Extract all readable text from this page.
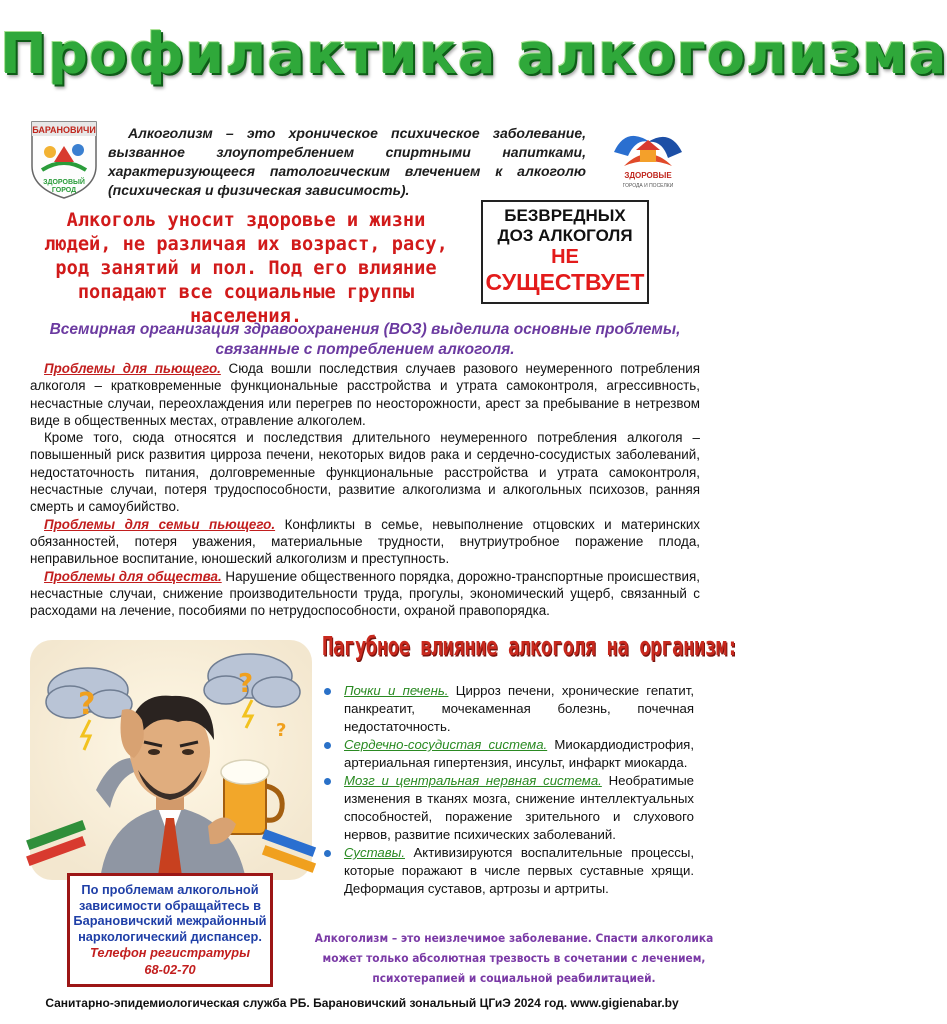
Профилактика алкоголизма
БАРАНОВИЧИ
ЗДОРОВЫЙ
ГОРОД
ЗДОРОВЫЕ
ГОРОДА И ПОСЕЛКИ
Алкоголизм – это хроническое психическое заболевание, вызванное злоупотреблением спиртными напитками, характеризующееся патологическим влечением к алкоголю (психическая и физическая зависимость).
Алкоголь уносит здоровье и жизни людей, не различая их возраст, расу, род занятий и пол. Под его влияние попадают все социальные группы населения.
БЕЗВРЕДНЫХ
ДОЗ АЛКОГОЛЯ
НЕ
СУЩЕСТВУЕТ
Всемирная организация здравоохранения (ВОЗ) выделила основные проблемы, связанные с потреблением алкоголя.

Проблемы для пьющего. Сюда вошли последствия случаев разового неумеренного потребления алкоголя – кратковременные функциональные расстройства и утрата самоконтроля, агрессивность, несчастные случаи, переохлаждения или перегрев по неосторожности, арест за пребывание в нетрезвом виде в общественных местах, отравление алкоголем.

Кроме того, сюда относятся и последствия длительного неумеренного потребления алкоголя – повышенный риск развития цирроза печени, некоторых видов рака и сердечно-сосудистых заболеваний, недостаточность питания, долговременные функциональные расстройства и утрата самоконтроля, несчастные случаи, потеря трудоспособности, развитие алкоголизма и алкогольных психозов, ранняя смерть и самоубийство.

Проблемы для семьи пьющего. Конфликты в семье, невыполнение отцовских и материнских обязанностей, потеря уважения, материальные трудности, внутриутробное поражение плода, неправильное воспитание, юношеский алкоголизм и преступность.

Проблемы для общества. Нарушение общественного порядка, дорожно-транспортные происшествия, несчастные случаи, снижение производительности труда, прогулы, экономический ущерб, связанный с расходами на лечение, пособиями по нетрудоспособности, охраной правопорядка.

?
?
?
По проблемам алкогольной зависимости обращайтесь в Барановичский межрайонный наркологический диспансер.
Телефон регистратуры
68-02-70
Пагубное влияние алкоголя на организм:
Почки и печень. Цирроз печени, хронические гепатит, панкреатит, мочекаменная болезнь, почечная недостаточность.
Сердечно-сосудистая система. Миокардиодистрофия, артериальная гипертензия, инсульт, инфаркт миокарда.
Мозг и центральная нервная система. Необратимые изменения в тканях мозга, снижение интеллектуальных способностей, поражение зрительного и слухового нервов, развитие психических заболеваний.
Суставы. Активизируются воспалительные процессы, которые поражают в числе первых суставные хрящи. Деформация суставов, артрозы и артриты.
Алкоголизм – это неизлечимое заболевание. Спасти алкоголика может только абсолютная трезвость в сочетании с лечением, психотерапией и социальной реабилитацией.
Санитарно-эпидемиологическая служба РБ. Барановичский зональный ЦГиЭ 2024 год. www.gigienabar.by
